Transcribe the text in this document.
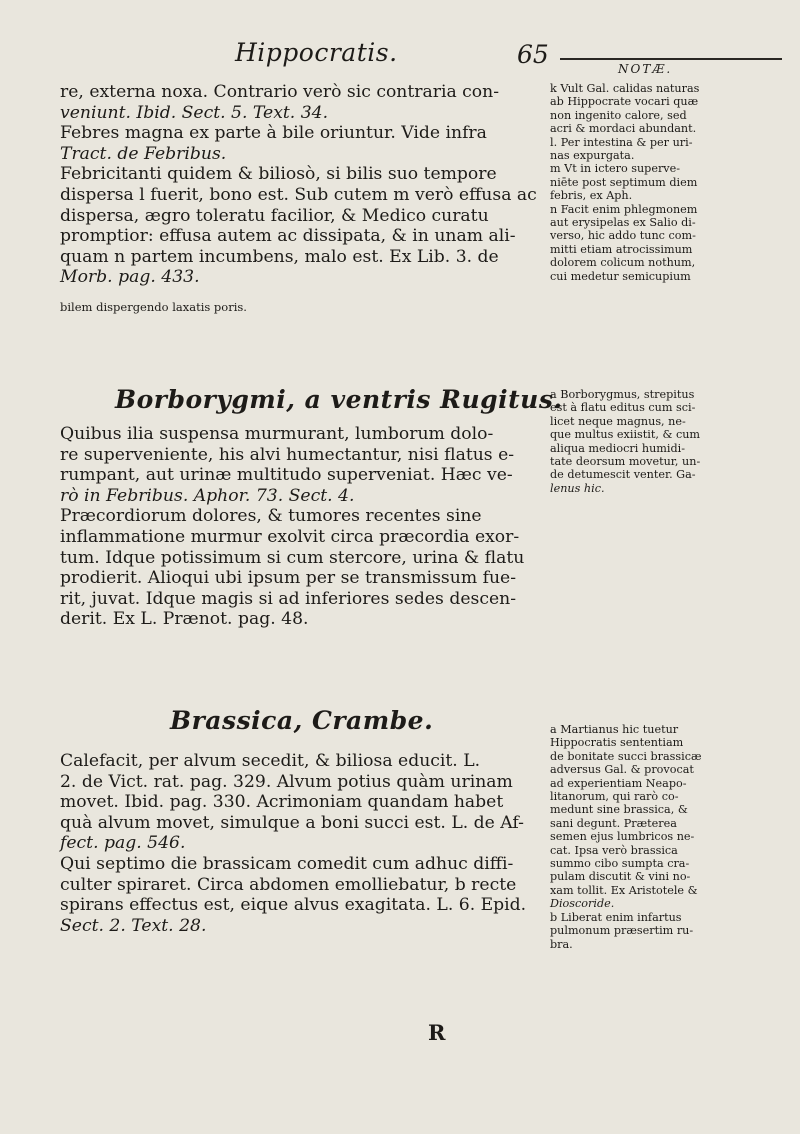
Hippocratis.	65	NOTÆ.
re, externa noxa. Contrario verò sic contraria con-
veniunt. Ibid. Sect. 5. Text. 34.
Febres magna ex parte à bile oriuntur. Vide infra
Tract. de Febribus.
Febricitanti quidem & biliosò, si bilis suo tempore
dispersa l fuerit, bono est. Sub cutem m verò effusa ac
dispersa, ægro toleratu facilior, & Medico curatu
promptior: effusa autem ac dissipata, & in unam ali-
quam n partem incumbens, malo est. Ex Lib. 3. de
Morb. pag. 433.
bilem dispergendo laxatis poris.
k Vult Gal. calidas naturas
ab Hippocrate vocari quæ
non ingenito calore, sed
acri & mordaci abundant.
l. Per intestina & per uri-
nas expurgata.
m Vt in ictero superve-
niēte post septimum diem
febris, ex Aph.
n Facit enim phlegmonem
aut erysipelas ex Salio di-
verso, hic addo tunc com-
mitti etiam atrocissimum
dolorem colicum nothum,
cui medetur semicupium
Borborygmi, a ventris Rugitus.
Quibus ilia suspensa murmurant, lumborum dolo-
re superveniente, his alvi humectantur, nisi flatus e-
rumpant, aut urinæ multitudo superveniat. Hæc ve-
rò in Febribus. Aphor. 73. Sect. 4.
Præcordiorum dolores, & tumores recentes sine
inflammatione murmur exolvit circa præcordia exor-
tum. Idque potissimum si cum stercore, urina & flatu
prodierit. Alioqui ubi ipsum per se transmissum fue-
rit, juvat. Idque magis si ad inferiores sedes descen-
derit. Ex L. Prænot. pag. 48.
a Borborygmus, strepitus
est à flatu editus cum sci-
licet neque magnus, ne-
que multus exiistit, & cum
aliqua mediocri humidi-
tate deorsum movetur, un-
de detumescit venter. Ga-
lenus hic.
Brassica, Crambe.
Calefacit, per alvum secedit, & biliosa educit. L.
2. de Vict. rat. pag. 329. Alvum potius quàm urinam
movet. Ibid. pag. 330. Acrimoniam quandam habet
quà alvum movet, simulque a boni succi est. L. de Af-
fect. pag. 546.
Qui septimo die brassicam comedit cum adhuc diffi-
culter spiraret. Circa abdomen emolliebatur, b recte
spirans effectus est, eique alvus exagitata. L. 6. Epid.
Sect. 2. Text. 28.
a Martianus hic tuetur
Hippocratis sententiam
de bonitate succi brassicæ
adversus Gal. & provocat
ad experientiam Neapo-
litanorum, qui rarò co-
medunt sine brassica, &
sani degunt. Præterea
semen ejus lumbricos ne-
cat. Ipsa verò brassica
summo cibo sumpta cra-
pulam discutit & vini no-
xam tollit. Ex Aristotele &
Dioscoride.
b Liberat enim infartus
pulmonum præsertim ru-
bra.
R
